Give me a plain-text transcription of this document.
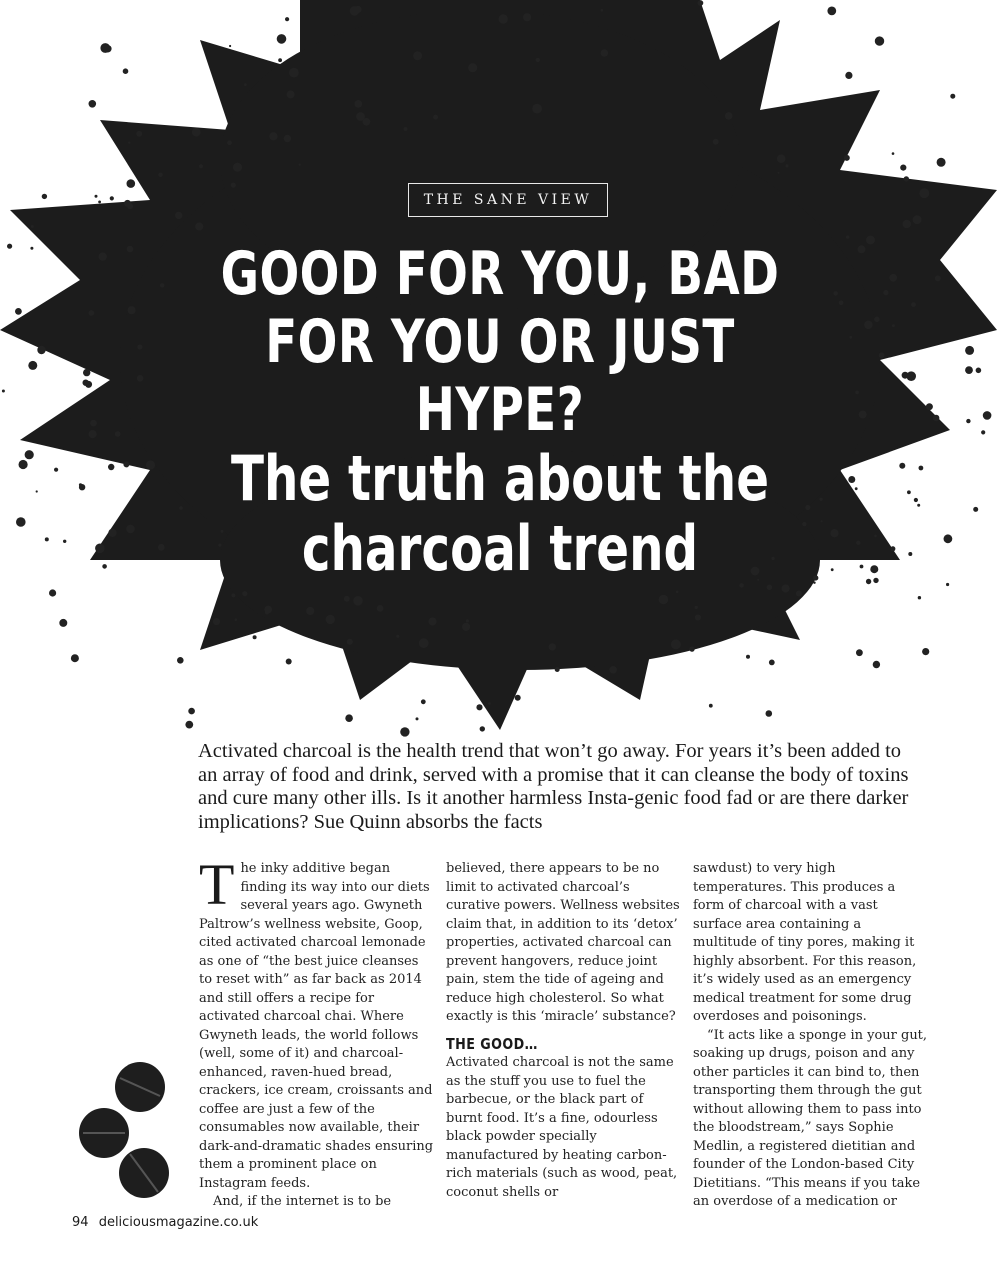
THE SANE VIEW
GOOD FOR YOU, BAD
FOR YOU OR JUST HYPE?
The truth about the
charcoal trend

Activated charcoal is the health trend that won’t go away. For years it’s been added to an array of food and drink, served with a promise that it can cleanse the body of toxins and cure many other ills. Is it another harmless Insta-genic food fad or are there darker implications? Sue Quinn absorbs the facts

The inky additive began finding its way into our diets several years ago. Gwyneth Paltrow’s wellness website, Goop, cited activated charcoal lemonade as one of “the best juice cleanses to reset with” as far back as 2014 and still offers a recipe for activated charcoal chai. Where Gwyneth leads, the world follows (well, some of it) and charcoal-enhanced, raven-hued bread, crackers, ice cream, croissants and coffee are just a few of the consumables now available, their dark-and-dramatic shades ensuring them a prominent place on Instagram feeds.

And, if the internet is to be

believed, there appears to be no limit to activated charcoal’s curative powers. Wellness websites claim that, in addition to its ‘detox’ properties, activated charcoal can prevent hangovers, reduce joint pain, stem the tide of ageing and reduce high cholesterol. So what exactly is this ‘miracle’ substance?

THE GOOD…

Activated charcoal is not the same as the stuff you use to fuel the barbecue, or the black part of burnt food. It’s a fine, odourless black powder specially manufactured by heating carbon-rich materials (such as wood, peat, coconut shells or

sawdust) to very high temperatures. This produces a form of charcoal with a vast surface area containing a multitude of tiny pores, making it highly absorbent. For this reason, it’s widely used as an emergency medical treatment for some drug overdoses and poisonings.

“It acts like a sponge in your gut, soaking up drugs, poison and any other particles it can bind to, then transporting them through the gut without allowing them to pass into the bloodstream,” says Sophie Medlin, a registered dietitian and founder of the London-based City Dietitians. “This means if you take an overdose of a medication or

94 deliciousmagazine.co.uk
